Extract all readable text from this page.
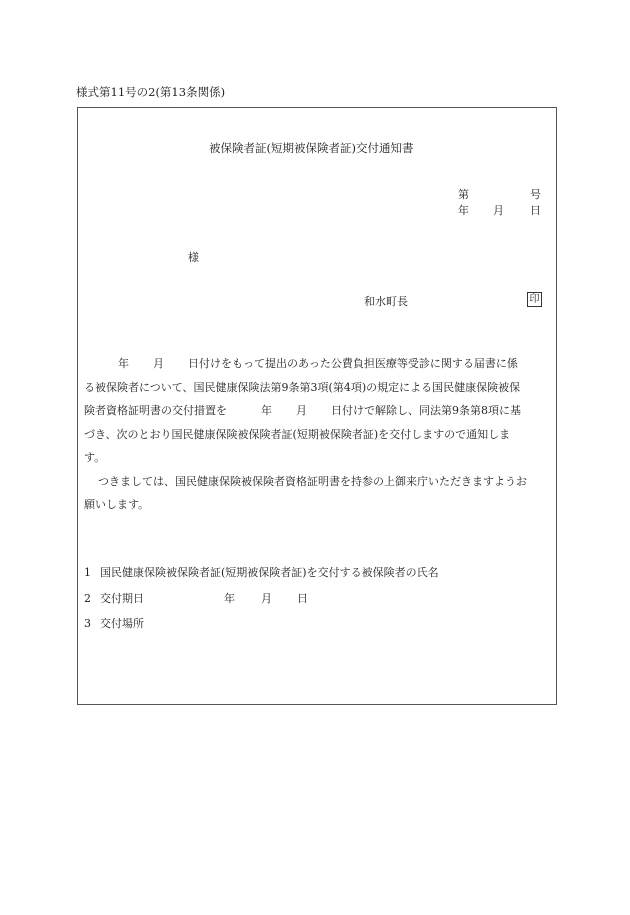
様式第11号の2(第13条関係)
被保険者証(短期被保険者証)交付通知書
第	号
年 月 日
様
和水町長	印
年 月 日付けをもって提出のあった公費負担医療等受診に関する届書に係
る被保険者について、国民健康保険法第9条第3項(第4項)の規定による国民健康保険被保
険者資格証明書の交付措置を	年 月 日付けで解除し、同法第9条第8項に基
づき、次のとおり国民健康保険被保険者証(短期被保険者証)を交付しますので通知しま
す。
つきましては、国民健康保険被保険者資格証明書を持参の上御来庁いただきますようお
願いします。
1 国民健康保険被保険者証(短期被保険者証)を交付する被保険者の氏名
2 交付期日	年 月 日
3 交付場所
